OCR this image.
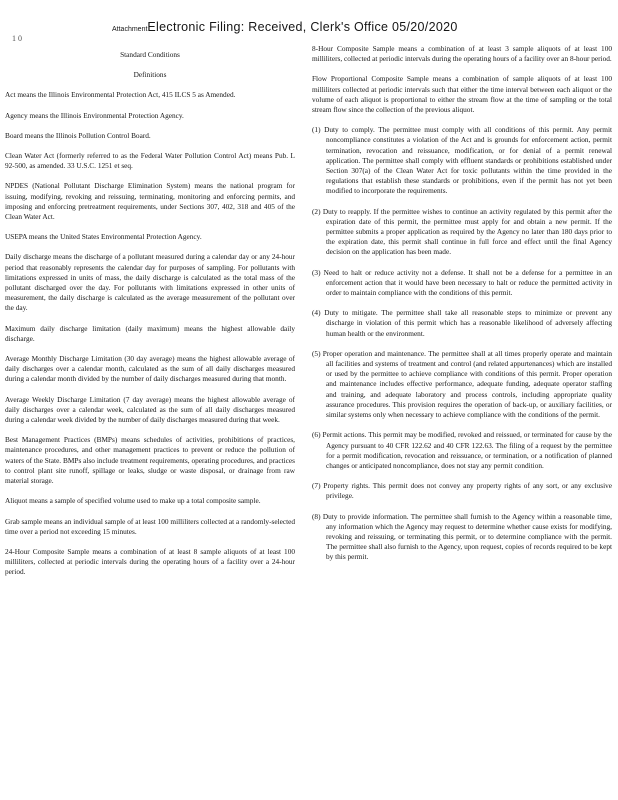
AttachmentElectronic Filing: Received, Clerk's Office 05/20/2020
1 0

Standard Conditions

Definitions

Act means the Illinois Environmental Protection Act, 415 ILCS 5 as Amended.

Agency means the Illinois Environmental Protection Agency.

Board means the Illinois Pollution Control Board.

Clean Water Act (formerly referred to as the Federal Water Pollution Control Act) means Pub. L 92-500, as amended. 33 U.S.C. 1251 et seq.

NPDES (National Pollutant Discharge Elimination System) means the national program for issuing, modifying, revoking and reissuing, terminating, monitoring and enforcing permits, and imposing and enforcing pretreatment requirements, under Sections 307, 402, 318 and 405 of the Clean Water Act.

USEPA means the United States Environmental Protection Agency.

Daily discharge means the discharge of a pollutant measured during a calendar day or any 24-hour period that reasonably represents the calendar day for purposes of sampling. For pollutants with limitations expressed in units of mass, the daily discharge is calculated as the total mass of the pollutant discharged over the day. For pollutants with limitations expressed in other units of measurement, the daily discharge is calculated as the average measurement of the pollutant over the day.

Maximum daily discharge limitation (daily maximum) means the highest allowable daily discharge.

Average Monthly Discharge Limitation (30 day average) means the highest allowable average of daily discharges over a calendar month, calculated as the sum of all daily discharges measured during a calendar month divided by the number of daily discharges measured during that month.

Average Weekly Discharge Limitation (7 day average) means the highest allowable average of daily discharges over a calendar week, calculated as the sum of all daily discharges measured during a calendar week divided by the number of daily discharges measured during that week.

Best Management Practices (BMPs) means schedules of activities, prohibitions of practices, maintenance procedures, and other management practices to prevent or reduce the pollution of waters of the State. BMPs also include treatment requirements, operating procedures, and practices to control plant site runoff, spillage or leaks, sludge or waste disposal, or drainage from raw material storage.

Aliquot means a sample of specified volume used to make up a total composite sample.

Grab sample means an individual sample of at least 100 milliliters collected at a randomly-selected time over a period not exceeding 15 minutes.

24-Hour Composite Sample means a combination of at least 8 sample aliquots of at least 100 milliliters, collected at periodic intervals during the operating hours of a facility over a 24-hour period.

8-Hour Composite Sample means a combination of at least 3 sample aliquots of at least 100 milliliters, collected at periodic intervals during the operating hours of a facility over an 8-hour period.

Flow Proportional Composite Sample means a combination of sample aliquots of at least 100 milliliters collected at periodic intervals such that either the time interval between each aliquot or the volume of each aliquot is proportional to either the stream flow at the time of sampling or the total stream flow since the collection of the previous aliquot.

(1) Duty to comply. The permittee must comply with all conditions of this permit. Any permit noncompliance constitutes a violation of the Act and is grounds for enforcement action, permit termination, revocation and reissuance, modification, or for denial of a permit renewal application. The permittee shall comply with effluent standards or prohibitions established under Section 307(a) of the Clean Water Act for toxic pollutants within the time provided in the regulations that establish these standards or prohibitions, even if the permit has not yet been modified to incorporate the requirements.

(2) Duty to reapply. If the permittee wishes to continue an activity regulated by this permit after the expiration date of this permit, the permittee must apply for and obtain a new permit. If the permittee submits a proper application as required by the Agency no later than 180 days prior to the expiration date, this permit shall continue in full force and effect until the final Agency decision on the application has been made.

(3) Need to halt or reduce activity not a defense. It shall not be a defense for a permittee in an enforcement action that it would have been necessary to halt or reduce the permitted activity in order to maintain compliance with the conditions of this permit.

(4) Duty to mitigate. The permittee shall take all reasonable steps to minimize or prevent any discharge in violation of this permit which has a reasonable likelihood of adversely affecting human health or the environment.

(5) Proper operation and maintenance. The permittee shall at all times properly operate and maintain all facilities and systems of treatment and control (and related appurtenances) which are installed or used by the permittee to achieve compliance with conditions of this permit. Proper operation and maintenance includes effective performance, adequate funding, adequate operator staffing and training, and adequate laboratory and process controls, including appropriate quality assurance procedures. This provision requires the operation of back-up, or auxiliary facilities, or similar systems only when necessary to achieve compliance with the conditions of the permit.

(6) Permit actions. This permit may be modified, revoked and reissued, or terminated for cause by the Agency pursuant to 40 CFR 122.62 and 40 CFR 122.63. The filing of a request by the permittee for a permit modification, revocation and reissuance, or termination, or a notification of planned changes or anticipated noncompliance, does not stay any permit condition.

(7) Property rights. This permit does not convey any property rights of any sort, or any exclusive privilege.

(8) Duty to provide information. The permittee shall furnish to the Agency within a reasonable time, any information which the Agency may request to determine whether cause exists for modifying, revoking and reissuing, or terminating this permit, or to determine compliance with the permit. The permittee shall also furnish to the Agency, upon request, copies of records required to be kept by this permit.
